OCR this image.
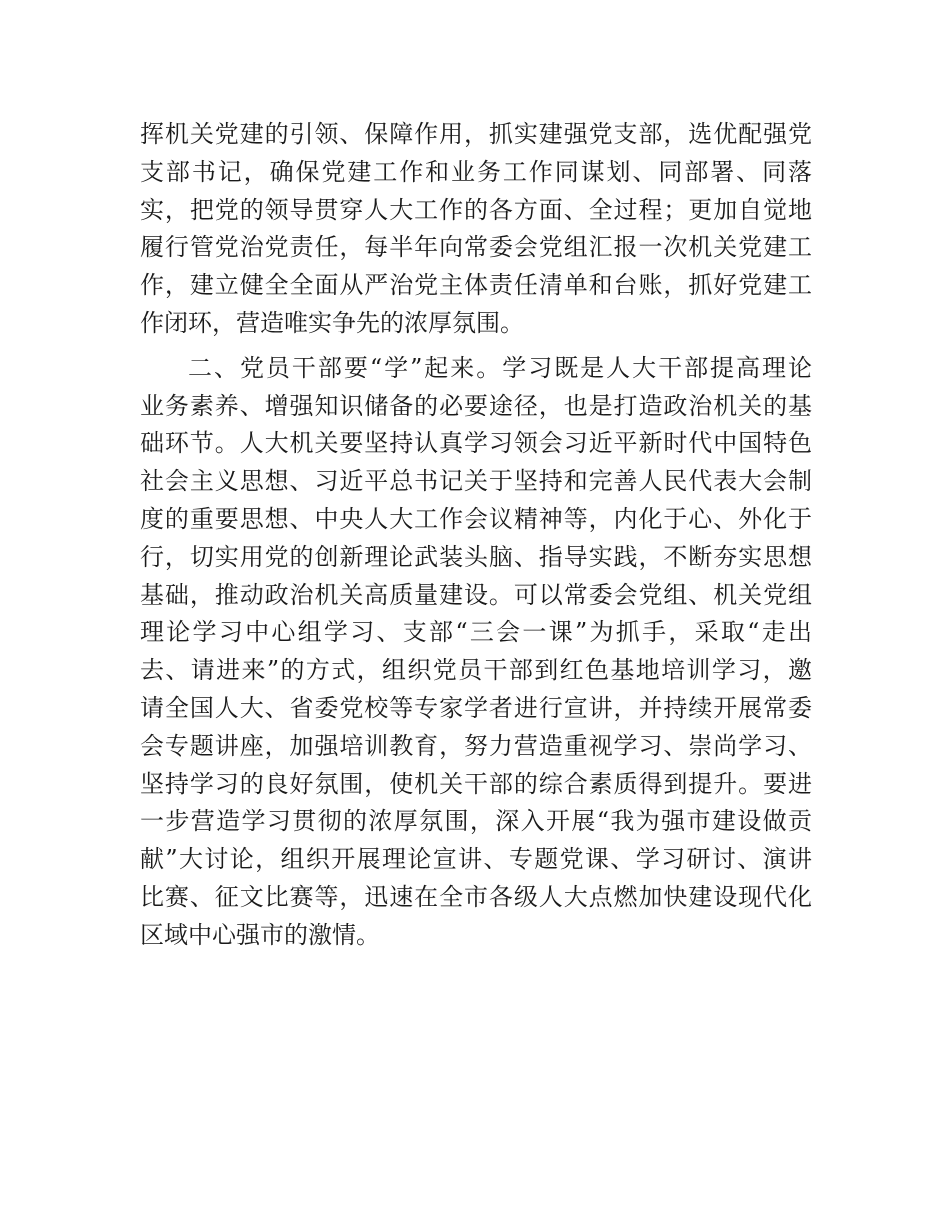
挥机关党建的引领、保障作用，抓实建强党支部，选优配强党
支部书记，确保党建工作和业务工作同谋划、同部署、同落
实，把党的领导贯穿人大工作的各方面、全过程；更加自觉地
履行管党治党责任，每半年向常委会党组汇报一次机关党建工
作，建立健全全面从严治党主体责任清单和台账，抓好党建工
作闭环，营造唯实争先的浓厚氛围。
二、党员干部要“学”起来。学习既是人大干部提高理论
业务素养、增强知识储备的必要途径，也是打造政治机关的基
础环节。人大机关要坚持认真学习领会习近平新时代中国特色
社会主义思想、习近平总书记关于坚持和完善人民代表大会制
度的重要思想、中央人大工作会议精神等，内化于心、外化于
行，切实用党的创新理论武装头脑、指导实践，不断夯实思想
基础，推动政治机关高质量建设。可以常委会党组、机关党组
理论学习中心组学习、支部“三会一课”为抓手，采取“走出
去、请进来”的方式，组织党员干部到红色基地培训学习，邀
请全国人大、省委党校等专家学者进行宣讲，并持续开展常委
会专题讲座，加强培训教育，努力营造重视学习、崇尚学习、
坚持学习的良好氛围，使机关干部的综合素质得到提升。要进
一步营造学习贯彻的浓厚氛围，深入开展“我为强市建设做贡
献”大讨论，组织开展理论宣讲、专题党课、学习研讨、演讲
比赛、征文比赛等，迅速在全市各级人大点燃加快建设现代化
区域中心强市的激情。
